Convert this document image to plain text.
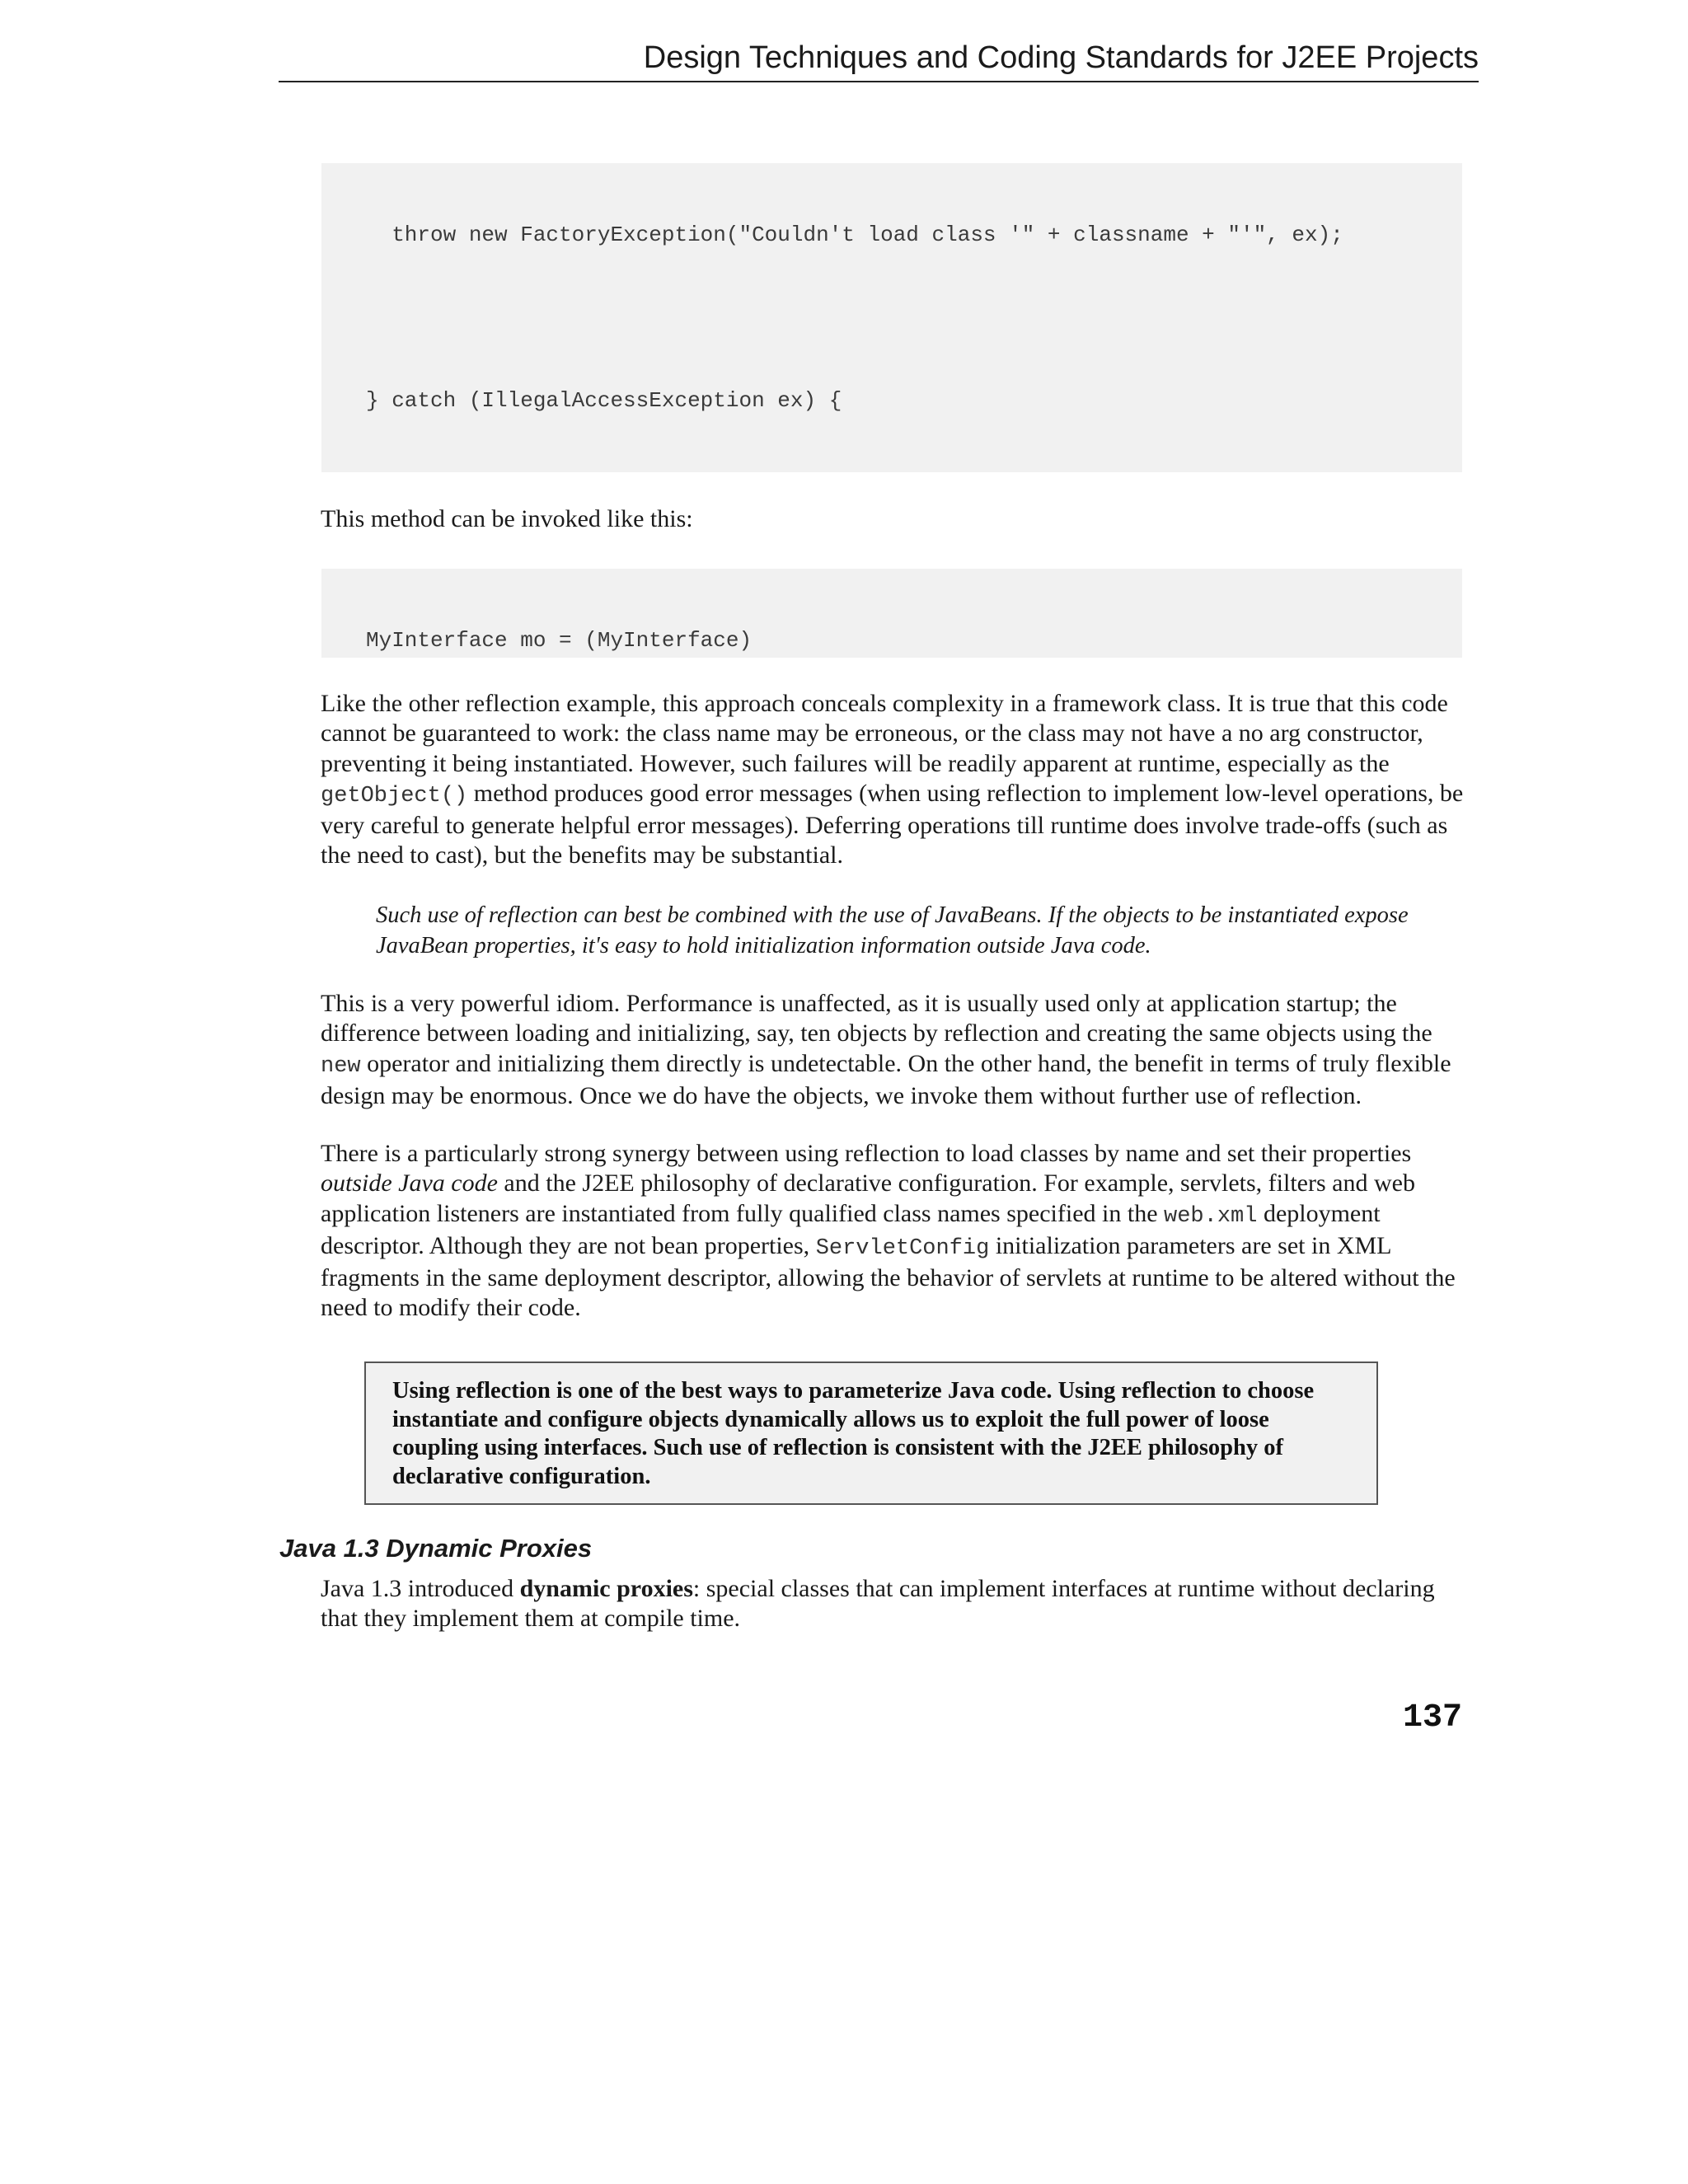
Design Techniques and Coding Standards for J2EE Projects

throw new FactoryException("Couldn't load class '" + classname + "'", ex);

} catch (IllegalAccessException ex) {

This method can be invoked like this:

MyInterface mo = (MyInterface)

Like the other reflection example, this approach conceals complexity in a framework class. It is true that this code cannot be guaranteed to work: the class name may be erroneous, or the class may not have a no arg constructor, preventing it being instantiated. However, such failures will be readily apparent at runtime, especially as the getObject() method produces good error messages (when using reflection to implement low-level operations, be very careful to generate helpful error messages). Deferring operations till runtime does involve trade-offs (such as the need to cast), but the benefits may be substantial.

Such use of reflection can best be combined with the use of JavaBeans. If the objects to be instantiated expose JavaBean properties, it's easy to hold initialization information outside Java code.

This is a very powerful idiom. Performance is unaffected, as it is usually used only at application startup; the difference between loading and initializing, say, ten objects by reflection and creating the same objects using the new operator and initializing them directly is undetectable. On the other hand, the benefit in terms of truly flexible design may be enormous. Once we do have the objects, we invoke them without further use of reflection.

There is a particularly strong synergy between using reflection to load classes by name and set their properties outside Java code and the J2EE philosophy of declarative configuration. For example, servlets, filters and web application listeners are instantiated from fully qualified class names specified in the web.xml deployment descriptor. Although they are not bean properties, ServletConfig initialization parameters are set in XML fragments in the same deployment descriptor, allowing the behavior of servlets at runtime to be altered without the need to modify their code.

Using reflection is one of the best ways to parameterize Java code. Using reflection to choose instantiate and configure objects dynamically allows us to exploit the full power of loose coupling using interfaces. Such use of reflection is consistent with the J2EE philosophy of declarative configuration.

Java 1.3 Dynamic Proxies

Java 1.3 introduced dynamic proxies: special classes that can implement interfaces at runtime without declaring that they implement them at compile time.

137
